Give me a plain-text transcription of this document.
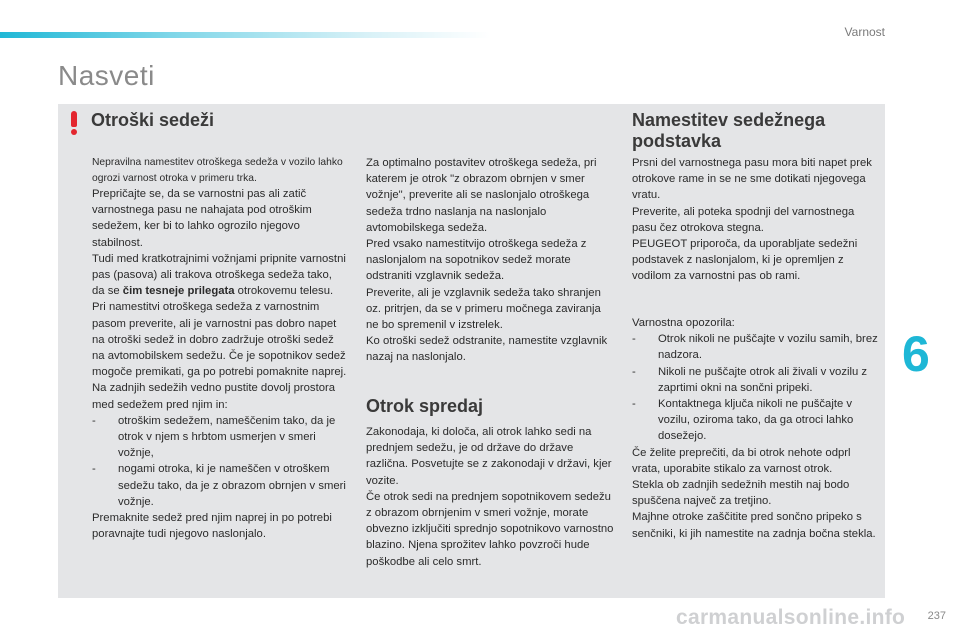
Varnost
Nasveti
Otroški sedeži	Namestitev sedežnega podstavka

Nepravilna namestitev otroškega sedeža v vozilo lahko ogrozi varnost otroka v primeru trka.

Prepričajte se, da se varnostni pas ali zatič varnostnega pasu ne nahajata pod otroškim sedežem, ker bi to lahko ogrozilo njegovo stabilnost.
Tudi med kratkotrajnimi vožnjami pripnite varnostni pas (pasova) ali trakova otroškega sedeža tako, da se čim tesneje prilegata otrokovemu telesu.
Pri namestitvi otroškega sedeža z varnostnim pasom preverite, ali je varnostni pas dobro napet na otroški sedež in dobro zadržuje otroški sedež na avtomobilskem sedežu. Če je sopotnikov sedež mogoče premikati, ga po potrebi pomaknite naprej.
Na zadnjih sedežih vedno pustite dovolj prostora med sedežem pred njim in:

- otroškim sedežem, nameščenim tako, da je otrok v njem s hrbtom usmerjen v smeri vožnje,
- nogami otroka, ki je nameščen v otroškem sedežu tako, da je z obrazom obrnjen v smeri vožnje.

Premaknite sedež pred njim naprej in po potrebi poravnajte tudi njegovo naslonjalo.

Za optimalno postavitev otroškega sedeža, pri katerem je otrok "z obrazom obrnjen v smer vožnje", preverite ali se naslonjalo otroškega sedeža trdno naslanja na naslonjalo avtomobilskega sedeža.
Pred vsako namestitvijo otroškega sedeža z naslonjalom na sopotnikov sedež morate odstraniti vzglavnik sedeža.
Preverite, ali je vzglavnik sedeža tako shranjen oz. pritrjen, da se v primeru močnega zaviranja ne bo spremenil v izstrelek.
Ko otroški sedež odstranite, namestite vzglavnik nazaj na naslonjalo.

Otrok spredaj

Zakonodaja, ki določa, ali otrok lahko sedi na prednjem sedežu, je od države do države različna. Posvetujte se z zakonodaji v državi, kjer vozite.
Če otrok sedi na prednjem sopotnikovem sedežu z obrazom obrnjenim v smeri vožnje, morate obvezno izključiti sprednjo sopotnikovo varnostno blazino. Njena sprožitev lahko povzroči hude poškodbe ali celo smrt.

Prsni del varnostnega pasu mora biti napet prek otrokove rame in se ne sme dotikati njegovega vratu.
Preverite, ali poteka spodnji del varnostnega pasu čez otrokova stegna.
PEUGEOT priporoča, da uporabljate sedežni podstavek z naslonjalom, ki je opremljen z vodilom za varnostni pas ob rami.

Varnostna opozorila:

- Otrok nikoli ne puščajte v vozilu samih, brez nadzora.
- Nikoli ne puščajte otrok ali živali v vozilu z zaprtimi okni na sončni pripeki.
- Kontaktnega ključa nikoli ne puščajte v vozilu, oziroma tako, da ga otroci lahko dosežejo.

Če želite preprečiti, da bi otrok nehote odprl vrata, uporabite stikalo za varnost otrok.
Stekla ob zadnjih sedežnih mestih naj bodo spuščena največ za tretjino.
Majhne otroke zaščitite pred sončno pripeko s senčniki, ki jih namestite na zadnja bočna stekla.

6
carmanualsonline.info 237
